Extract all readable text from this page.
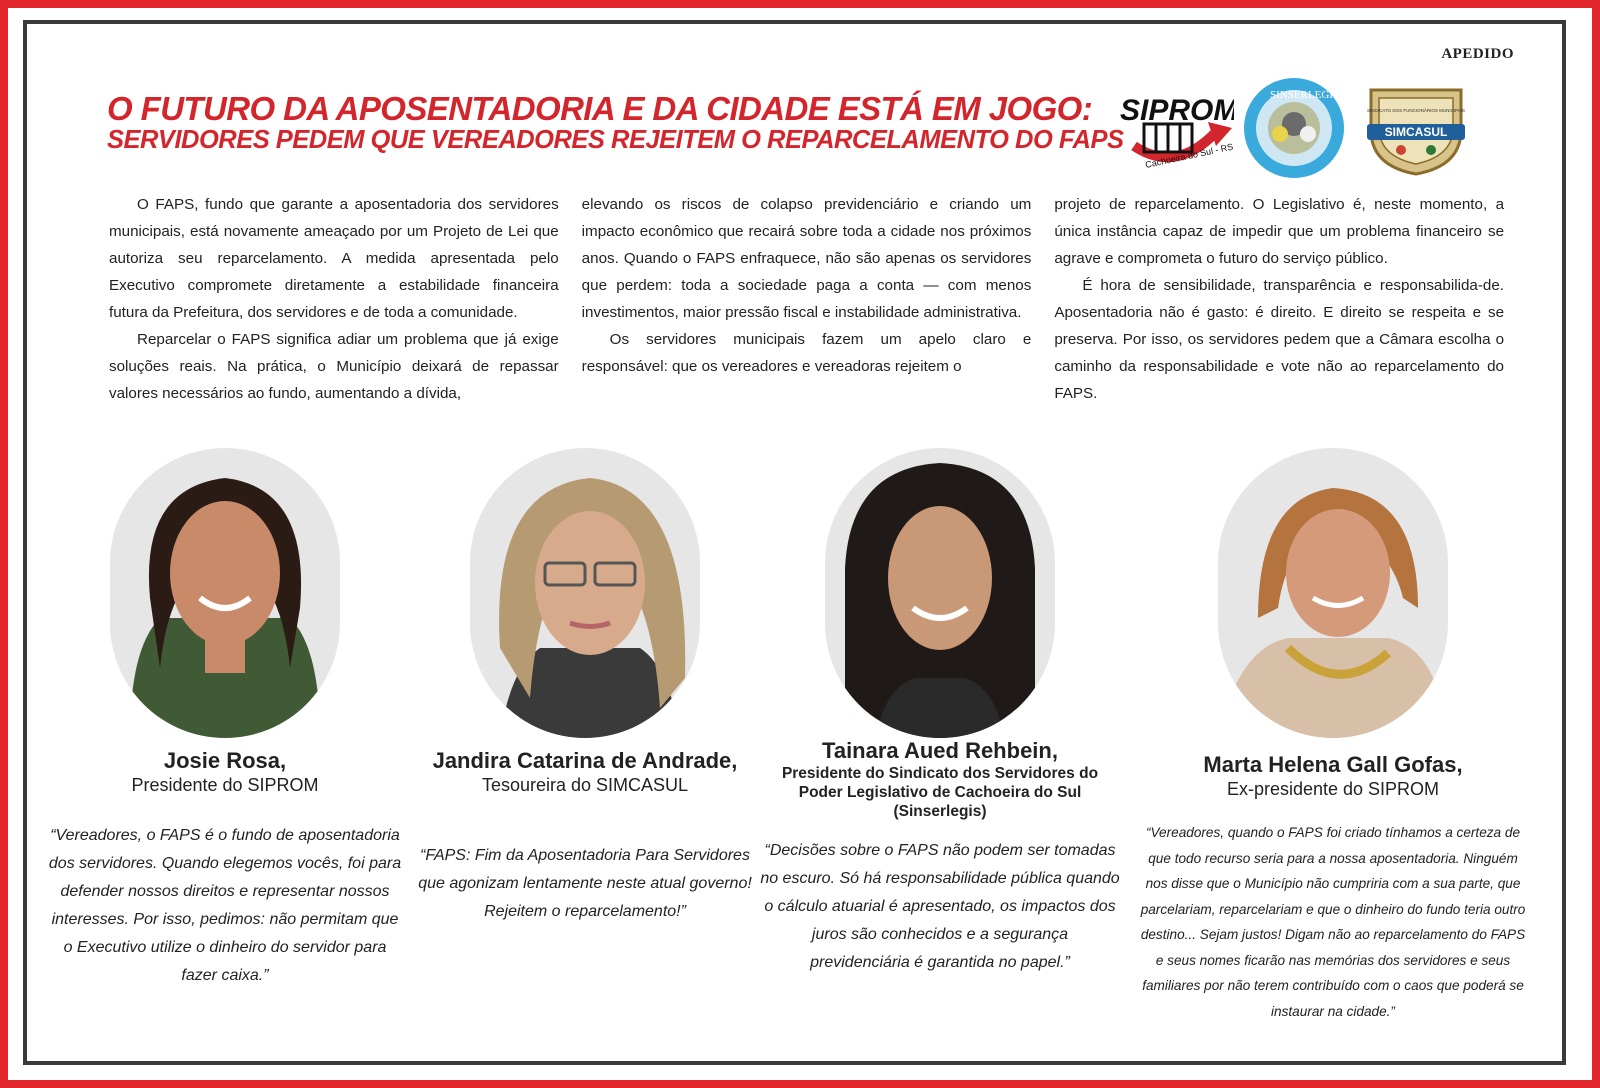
APEDIDO
O FUTURO DA APOSENTADORIA E DA CIDADE ESTÁ EM JOGO:
SERVIDORES PEDEM QUE VEREADORES REJEITEM O REPARCELAMENTO DO FAPS
SIPROM
Cachoeira do Sul - RS
SINSERLEGIS
SIMCASUL
SINDICATO DOS FUNCIONÁRIOS MUNICIPAIS

O FAPS, fundo que garante a aposentadoria dos servidores municipais, está novamente ameaçado por um Projeto de Lei que autoriza seu reparcelamento. A medida apresentada pelo Executivo compromete diretamente a estabilidade financeira futura da Prefeitura, dos servidores e de toda a comunidade.

Reparcelar o FAPS significa adiar um problema que já exige soluções reais. Na prática, o Município deixará de repassar valores necessários ao fundo, aumentando a dívida,

elevando os riscos de colapso previdenciário e criando um impacto econômico que recairá sobre toda a cidade nos próximos anos. Quando o FAPS enfraquece, não são apenas os servidores que perdem: toda a sociedade paga a conta — com menos investimentos, maior pressão fiscal e instabilidade administrativa.

Os servidores municipais fazem um apelo claro e responsável: que os vereadores e vereadoras rejeitem o

projeto de reparcelamento. O Legislativo é, neste momento, a única instância capaz de impedir que um problema financeiro se agrave e comprometa o futuro do serviço público.

É hora de sensibilidade, transparência e responsabilida-de. Aposentadoria não é gasto: é direito. E direito se respeita e se preserva. Por isso, os servidores pedem que a Câmara escolha o caminho da responsabilidade e vote não ao reparcelamento do FAPS.

Josie Rosa,
Presidente do SIPROM
“Vereadores, o FAPS é o fundo de aposentadoria dos servidores. Quando elegemos vocês, foi para defender nossos direitos e representar nossos interesses. Por isso, pedimos: não permitam que o Executivo utilize o dinheiro do servidor para fazer caixa.”
Jandira Catarina de Andrade,
Tesoureira do SIMCASUL
“FAPS: Fim da Aposentadoria Para Servidores que agonizam lentamente neste atual governo! Rejeitem o reparcelamento!”
Tainara Aued Rehbein,
Presidente do Sindicato dos Servidores do Poder Legislativo de Cachoeira do Sul (Sinserlegis)
“Decisões sobre o FAPS não podem ser tomadas no escuro. Só há responsabilidade pública quando o cálculo atuarial é apresentado, os impactos dos juros são conhecidos e a segurança previdenciária é garantida no papel.”
Marta Helena Gall Gofas,
Ex-presidente do SIPROM
“Vereadores, quando o FAPS foi criado tínhamos a certeza de que todo recurso seria para a nossa aposentadoria. Ninguém nos disse que o Município não cumpriria com a sua parte, que parcelariam, reparcelariam e que o dinheiro do fundo teria outro destino... Sejam justos! Digam não ao reparcelamento do FAPS e seus nomes ficarão nas memórias dos servidores e seus familiares por não terem contribuído com o caos que poderá se instaurar na cidade.”
